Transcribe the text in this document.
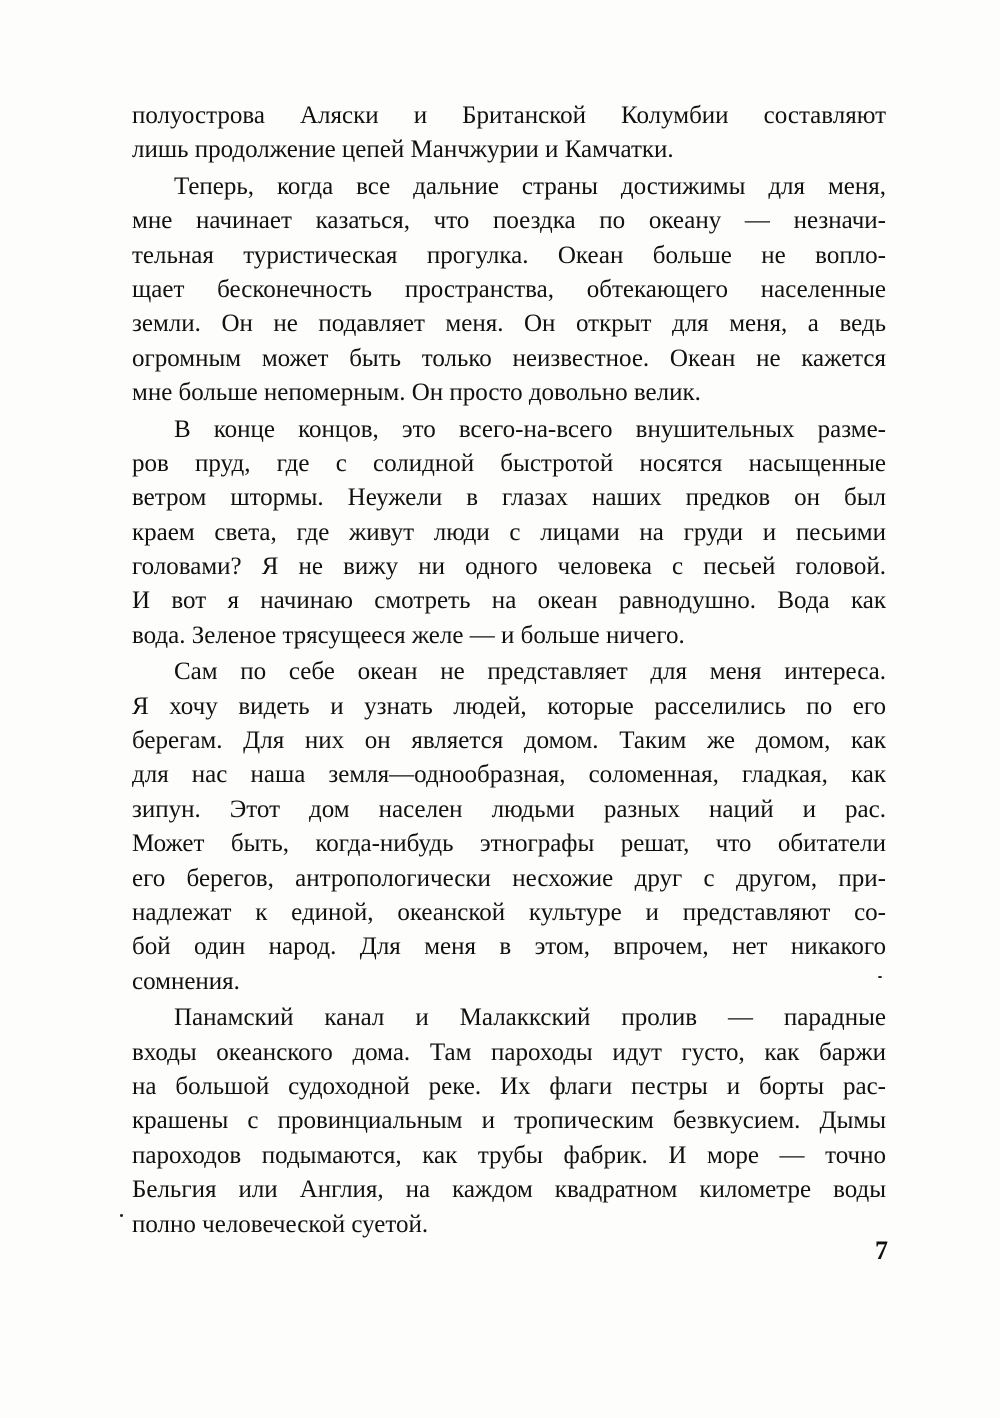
полуострова Аляски и Британской Колумбии составляют
лишь продолжение цепей Манчжурии и Камчатки.
Теперь, когда все дальние страны достижимы для меня,
мне начинает казаться, что поездка по океану — незначи-
тельная туристическая прогулка. Океан больше не вопло-
щает бесконечность пространства, обтекающего населенные
земли. Он не подавляет меня. Он открыт для меня, а ведь
огромным может быть только неизвестное. Океан не кажется
мне больше непомерным. Он просто довольно велик.
В конце концов, это всего-на-всего внушительных разме-
ров пруд, где с солидной быстротой носятся насыщенные
ветром штормы. Неужели в глазах наших предков он был
краем света, где живут люди с лицами на груди и песьими
головами? Я не вижу ни одного человека с песьей головой.
И вот я начинаю смотреть на океан равнодушно. Вода как
вода. Зеленое трясущееся желе — и больше ничего.
Сам по себе океан не представляет для меня интереса.
Я хочу видеть и узнать людей, которые расселились по его
берегам. Для них он является домом. Таким же домом, как
для нас наша земля—однообразная, соломенная, гладкая, как
зипун. Этот дом населен людьми разных наций и рас.
Может быть, когда-нибудь этнографы решат, что обитатели
его берегов, антропологически несхожие друг с другом, при-
надлежат к единой, океанской культуре и представляют со-
бой один народ. Для меня в этом, впрочем, нет никакого
сомнения.
Панамский канал и Малаккский пролив — парадные
входы океанского дома. Там пароходы идут густо, как баржи
на большой судоходной реке. Их флаги пестры и борты рас-
крашены с провинциальным и тропическим безвкусием. Дымы
пароходов подымаются, как трубы фабрик. И море — точно
Бельгия или Англия, на каждом квадратном километре воды
полно человеческой суетой.
7
